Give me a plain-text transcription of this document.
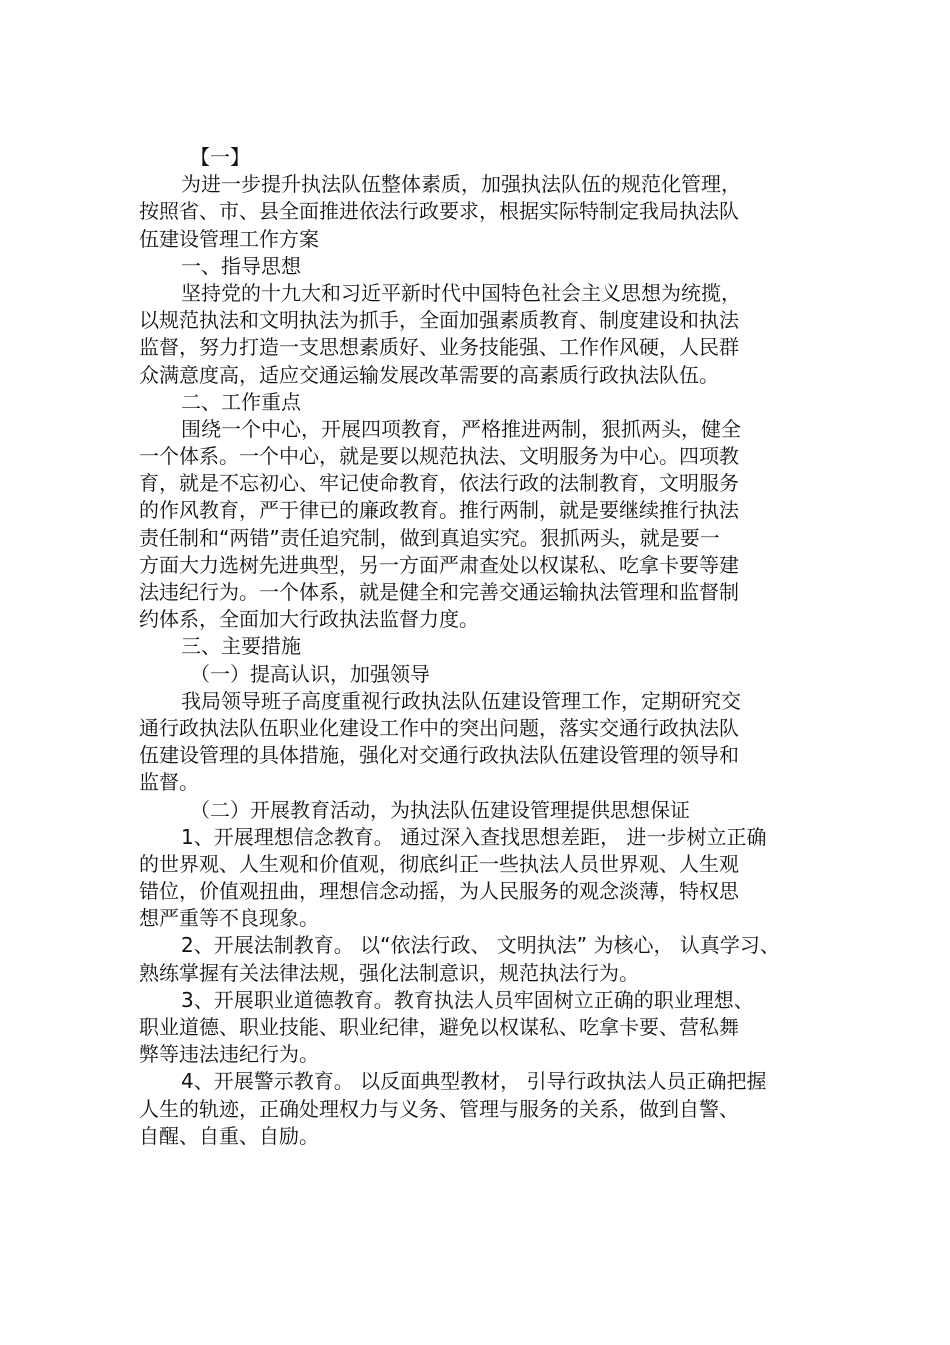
【一】
为进一步提升执法队伍整体素质，加强执法队伍的规范化管理，
按照省、市、县全面推进依法行政要求，根据实际特制定我局执法队
伍建设管理工作方案
一、指导思想
坚持党的十九大和习近平新时代中国特色社会主义思想为统揽，
以规范执法和文明执法为抓手，全面加强素质教育、制度建设和执法
监督，努力打造一支思想素质好、业务技能强、工作作风硬，人民群
众满意度高，适应交通运输发展改革需要的高素质行政执法队伍。
二、工作重点
围绕一个中心，开展四项教育，严格推进两制，狠抓两头，健全
一个体系。一个中心，就是要以规范执法、文明服务为中心。四项教
育，就是不忘初心、牢记使命教育，依法行政的法制教育，文明服务
的作风教育，严于律已的廉政教育。推行两制，就是要继续推行执法
责任制和“两错”责任追究制，做到真追实究。狠抓两头，就是要一
方面大力选树先进典型，另一方面严肃查处以权谋私、吃拿卡要等建
法违纪行为。一个体系，就是健全和完善交通运输执法管理和监督制
约体系，全面加大行政执法监督力度。
三、主要措施
（一）提高认识，加强领导
我局领导班子高度重视行政执法队伍建设管理工作，定期研究交
通行政执法队伍职业化建设工作中的突出问题，落实交通行政执法队
伍建设管理的具体措施，强化对交通行政执法队伍建设管理的领导和
监督。
（二）开展教育活动，为执法队伍建设管理提供思想保证
1、开展理想信念教育。 通过深入查找思想差距， 进一步树立正确
的世界观、人生观和价值观，彻底纠正一些执法人员世界观、人生观
错位，价值观扭曲，理想信念动摇，为人民服务的观念淡薄，特权思
想严重等不良现象。
2、开展法制教育。 以“依法行政、 文明执法” 为核心， 认真学习、
熟练掌握有关法律法规，强化法制意识，规范执法行为。
3、开展职业道德教育。教育执法人员牢固树立正确的职业理想、
职业道德、职业技能、职业纪律，避免以权谋私、吃拿卡要、营私舞
弊等违法违纪行为。
4、开展警示教育。 以反面典型教材， 引导行政执法人员正确把握
人生的轨迹，正确处理权力与义务、管理与服务的关系，做到自警、
自醒、自重、自励。
